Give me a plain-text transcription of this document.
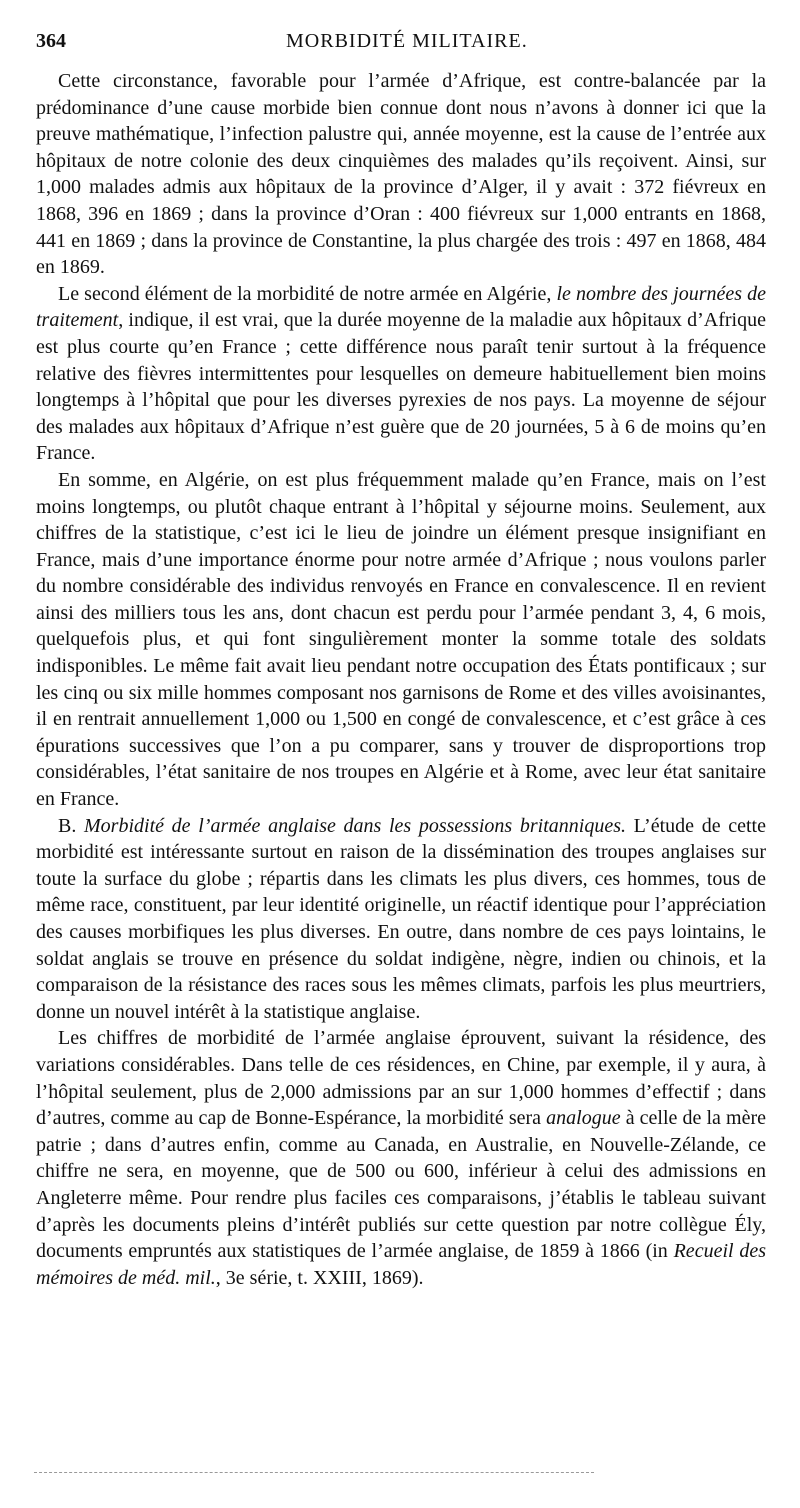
364	MORBIDITÉ MILITAIRE.

Cette circonstance, favorable pour l’armée d’Afrique, est contre-balancée par la prédominance d’une cause morbide bien connue dont nous n’avons à donner ici que la preuve mathématique, l’infection palustre qui, année moyenne, est la cause de l’entrée aux hôpitaux de notre colonie des deux cinquièmes des malades qu’ils reçoivent. Ainsi, sur 1,000 malades admis aux hôpitaux de la province d’Alger, il y avait : 372 fiévreux en 1868, 396 en 1869 ; dans la province d’Oran : 400 fiévreux sur 1,000 entrants en 1868, 441 en 1869 ; dans la province de Constantine, la plus chargée des trois : 497 en 1868, 484 en 1869.

Le second élément de la morbidité de notre armée en Algérie, le nombre des journées de traitement, indique, il est vrai, que la durée moyenne de la maladie aux hôpitaux d’Afrique est plus courte qu’en France ; cette différence nous paraît tenir surtout à la fréquence relative des fièvres intermittentes pour lesquelles on demeure habituellement bien moins longtemps à l’hôpital que pour les diverses pyrexies de nos pays. La moyenne de séjour des malades aux hôpitaux d’Afrique n’est guère que de 20 journées, 5 à 6 de moins qu’en France.

En somme, en Algérie, on est plus fréquemment malade qu’en France, mais on l’est moins longtemps, ou plutôt chaque entrant à l’hôpital y séjourne moins. Seulement, aux chiffres de la statistique, c’est ici le lieu de joindre un élément presque insignifiant en France, mais d’une importance énorme pour notre armée d’Afrique ; nous voulons parler du nombre considérable des individus renvoyés en France en convalescence. Il en revient ainsi des milliers tous les ans, dont chacun est perdu pour l’armée pendant 3, 4, 6 mois, quelquefois plus, et qui font singulièrement monter la somme totale des soldats indisponibles. Le même fait avait lieu pendant notre occupation des États pontificaux ; sur les cinq ou six mille hommes composant nos garnisons de Rome et des villes avoisinantes, il en rentrait annuellement 1,000 ou 1,500 en congé de convalescence, et c’est grâce à ces épurations successives que l’on a pu comparer, sans y trouver de disproportions trop considérables, l’état sanitaire de nos troupes en Algérie et à Rome, avec leur état sanitaire en France.

B. Morbidité de l’armée anglaise dans les possessions britanniques. L’étude de cette morbidité est intéressante surtout en raison de la dissémination des troupes anglaises sur toute la surface du globe ; répartis dans les climats les plus divers, ces hommes, tous de même race, constituent, par leur identité originelle, un réactif identique pour l’appréciation des causes morbifiques les plus diverses. En outre, dans nombre de ces pays lointains, le soldat anglais se trouve en présence du soldat indigène, nègre, indien ou chinois, et la comparaison de la résistance des races sous les mêmes climats, parfois les plus meurtriers, donne un nouvel intérêt à la statistique anglaise.

Les chiffres de morbidité de l’armée anglaise éprouvent, suivant la résidence, des variations considérables. Dans telle de ces résidences, en Chine, par exemple, il y aura, à l’hôpital seulement, plus de 2,000 admissions par an sur 1,000 hommes d’effectif ; dans d’autres, comme au cap de Bonne-Espérance, la morbidité sera analogue à celle de la mère patrie ; dans d’autres enfin, comme au Canada, en Australie, en Nouvelle-Zélande, ce chiffre ne sera, en moyenne, que de 500 ou 600, inférieur à celui des admissions en Angleterre même. Pour rendre plus faciles ces comparaisons, j’établis le tableau suivant d’après les documents pleins d’intérêt publiés sur cette question par notre collègue Ély, documents empruntés aux statistiques de l’armée anglaise, de 1859 à 1866 (in Recueil des mémoires de méd. mil., 3e série, t. XXIII, 1869).
